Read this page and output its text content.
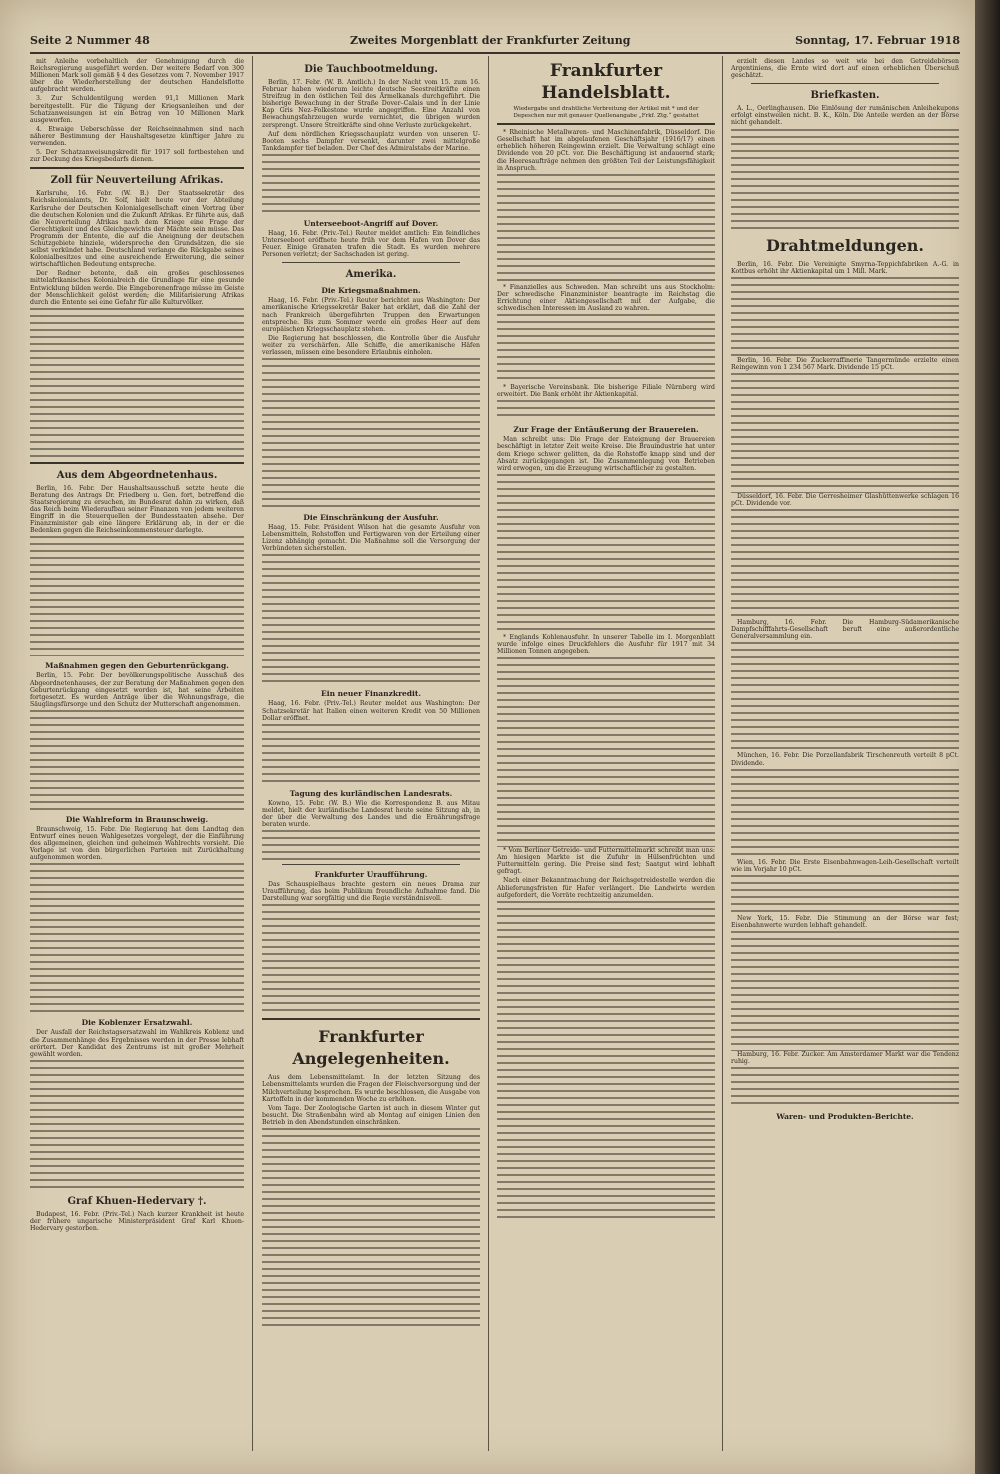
Seite 2 Nummer 48	Zweites Morgenblatt der Frankfurter Zeitung	Sonntag, 17. Februar 1918

mit Anleihe vorbehaltlich der Genehmigung durch die Reichsregierung ausgeführt werden. Der weitere Bedarf von 300 Millionen Mark soll gemäß § 4 des Gesetzes vom 7. November 1917 über die Wiederherstellung der deutschen Handelsflotte aufgebracht werden.

3. Zur Schuldentilgung werden 91,1 Millionen Mark bereitgestellt. Für die Tilgung der Kriegsanleihen und der Schatzanweisungen ist ein Betrag von 10 Millionen Mark ausgeworfen.

4. Etwaige Ueberschüsse der Reichseinnahmen sind nach näherer Bestimmung der Haushaltsgesetze künftiger Jahre zu verwenden.

5. Der Schatzanweisungskredit für 1917 soll fortbestehen und zur Deckung des Kriegsbedarfs dienen.

Zoll für Neuverteilung Afrikas.

Karlsruhe, 16. Febr. (W. B.) Der Staatssekretär des Reichskolonialamts, Dr. Solf, hielt heute vor der Abteilung Karlsruhe der Deutschen Kolonialgesellschaft einen Vortrag über die deutschen Kolonien und die Zukunft Afrikas. Er führte aus, daß die Neuverteilung Afrikas nach dem Kriege eine Frage der Gerechtigkeit und des Gleichgewichts der Mächte sein müsse. Das Programm der Entente, die auf die Aneignung der deutschen Schutzgebiete hinziele, widerspreche den Grundsätzen, die sie selbst verkündet habe. Deutschland verlange die Rückgabe seines Kolonialbesitzes und eine ausreichende Erweiterung, die seiner wirtschaftlichen Bedeutung entspreche.

Der Redner betonte, daß ein großes geschlossenes mittelafrikanisches Kolonialreich die Grundlage für eine gesunde Entwicklung bilden werde. Die Eingeborenenfrage müsse im Geiste der Menschlichkeit gelöst werden; die Militarisierung Afrikas durch die Entente sei eine Gefahr für alle Kulturvölker.

Aus dem Abgeordnetenhaus.

Berlin, 16. Febr. Der Haushaltsausschuß setzte heute die Beratung des Antrags Dr. Friedberg u. Gen. fort, betreffend die Staatsregierung zu ersuchen, im Bundesrat dahin zu wirken, daß das Reich beim Wiederaufbau seiner Finanzen von jedem weiteren Eingriff in die Steuerquellen der Bundesstaaten absehe. Der Finanzminister gab eine längere Erklärung ab, in der er die Bedenken gegen die Reichseinkommensteuer darlegte.

Maßnahmen gegen den Geburtenrückgang.

Berlin, 15. Febr. Der bevölkerungspolitische Ausschuß des Abgeordnetenhauses, der zur Beratung der Maßnahmen gegen den Geburtenrückgang eingesetzt worden ist, hat seine Arbeiten fortgesetzt. Es wurden Anträge über die Wohnungsfrage, die Säuglingsfürsorge und den Schutz der Mutterschaft angenommen.

Die Wahlreform in Braunschweig.

Braunschweig, 15. Febr. Die Regierung hat dem Landtag den Entwurf eines neuen Wahlgesetzes vorgelegt, der die Einführung des allgemeinen, gleichen und geheimen Wahlrechts vorsieht. Die Vorlage ist von den bürgerlichen Parteien mit Zurückhaltung aufgenommen worden.

Die Koblenzer Ersatzwahl.

Der Ausfall der Reichstagsersatzwahl im Wahlkreis Koblenz und die Zusammenhänge des Ergebnisses werden in der Presse lebhaft erörtert. Der Kandidat des Zentrums ist mit großer Mehrheit gewählt worden.

Graf Khuen-Hedervary †.

Budapest, 16. Febr. (Priv.-Tel.) Nach kurzer Krankheit ist heute der frühere ungarische Ministerpräsident Graf Karl Khuen-Hedervary gestorben.

Die Tauchbootmeldung.

Berlin, 17. Febr. (W. B. Amtlich.) In der Nacht vom 15. zum 16. Februar haben wiederum leichte deutsche Seestreitkräfte einen Streifzug in den östlichen Teil des Ärmelkanals durchgeführt. Die bisherige Bewachung in der Straße Dover–Calais und in der Linie Kap Gris Nez–Folkestone wurde angegriffen. Eine Anzahl von Bewachungsfahrzeugen wurde vernichtet, die übrigen wurden zersprengt. Unsere Streitkräfte sind ohne Verluste zurückgekehrt.

Auf dem nördlichen Kriegsschauplatz wurden von unseren U-Booten sechs Dampfer versenkt, darunter zwei mittelgroße Tankdampfer tief beladen. Der Chef des Admiralstabs der Marine.

Unterseeboot-Angriff auf Dover.

Haag, 16. Febr. (Priv.-Tel.) Reuter meldet amtlich: Ein feindliches Unterseeboot eröffnete heute früh vor dem Hafen von Dover das Feuer. Einige Granaten trafen die Stadt. Es wurden mehrere Personen verletzt; der Sachschaden ist gering.

Amerika.
Die Kriegsmaßnahmen.

Haag, 16. Febr. (Priv.-Tel.) Reuter berichtet aus Washington: Der amerikanische Kriegssekretär Baker hat erklärt, daß die Zahl der nach Frankreich übergeführten Truppen den Erwartungen entspreche. Bis zum Sommer werde ein großes Heer auf dem europäischen Kriegsschauplatz stehen.

Die Regierung hat beschlossen, die Kontrolle über die Ausfuhr weiter zu verschärfen. Alle Schiffe, die amerikanische Häfen verlassen, müssen eine besondere Erlaubnis einholen.

Die Einschränkung der Ausfuhr.

Haag, 15. Febr. Präsident Wilson hat die gesamte Ausfuhr von Lebensmitteln, Rohstoffen und Fertigwaren von der Erteilung einer Lizenz abhängig gemacht. Die Maßnahme soll die Versorgung der Verbündeten sicherstellen.

Ein neuer Finanzkredit.

Haag, 16. Febr. (Priv.-Tel.) Reuter meldet aus Washington: Der Schatzsekretär hat Italien einen weiteren Kredit von 50 Millionen Dollar eröffnet.

Tagung des kurländischen Landesrats.

Kowno, 15. Febr. (W. B.) Wie die Korrespondenz B. aus Mitau meldet, hielt der kurländische Landesrat heute seine Sitzung ab, in der über die Verwaltung des Landes und die Ernährungsfrage beraten wurde.

Frankfurter Uraufführung.

Das Schauspielhaus brachte gestern ein neues Drama zur Uraufführung, das beim Publikum freundliche Aufnahme fand. Die Darstellung war sorgfältig und die Regie verständnisvoll.

Frankfurter Angelegenheiten.

Aus dem Lebensmittelamt. In der letzten Sitzung des Lebensmittelamts wurden die Fragen der Fleischversorgung und der Milchverteilung besprochen. Es wurde beschlossen, die Ausgabe von Kartoffeln in der kommenden Woche zu erhöhen.

Vom Tage. Der Zoologische Garten ist auch in diesem Winter gut besucht. Die Straßenbahn wird ab Montag auf einigen Linien den Betrieb in den Abendstunden einschränken.

Frankfurter Handelsblatt.
Wiedergabe und drahtliche Verbreitung der Artikel mit * und der Depeschen nur mit genauer Quellenangabe „Frkf. Ztg.“ gestattet

* Rheinische Metallwaren- und Maschinenfabrik, Düsseldorf. Die Gesellschaft hat im abgelaufenen Geschäftsjahr (1916/17) einen erheblich höheren Reingewinn erzielt. Die Verwaltung schlägt eine Dividende von 20 pCt. vor. Die Beschäftigung ist andauernd stark; die Heeresaufträge nehmen den größten Teil der Leistungsfähigkeit in Anspruch.

* Finanzielles aus Schweden. Man schreibt uns aus Stockholm: Der schwedische Finanzminister beantragte im Reichstag die Errichtung einer Aktiengesellschaft mit der Aufgabe, die schwedischen Interessen im Ausland zu wahren.

* Bayerische Vereinsbank. Die bisherige Filiale Nürnberg wird erweitert. Die Bank erhöht ihr Aktienkapital.

Zur Frage der Entäußerung der Brauereien.

Man schreibt uns: Die Frage der Enteignung der Brauereien beschäftigt in letzter Zeit weite Kreise. Die Brauindustrie hat unter dem Kriege schwer gelitten, da die Rohstoffe knapp sind und der Absatz zurückgegangen ist. Die Zusammenlegung von Betrieben wird erwogen, um die Erzeugung wirtschaftlicher zu gestalten.

* Englands Kohlenausfuhr. In unserer Tabelle im I. Morgenblatt wurde infolge eines Druckfehlers die Ausfuhr für 1917 mit 34 Millionen Tonnen angegeben.

* Vom Berliner Getreide- und Futtermittelmarkt schreibt man uns: Am hiesigen Markte ist die Zufuhr in Hülsenfrüchten und Futtermitteln gering. Die Preise sind fest; Saatgut wird lebhaft gefragt.

Nach einer Bekanntmachung der Reichsgetreidestelle werden die Ablieferungsfristen für Hafer verlängert. Die Landwirte werden aufgefordert, die Vorräte rechtzeitig anzumelden.

erzielt diesen Landes so weit wie bei den Getreidebörsen Argentiniens, die Ernte wird dort auf einen erheblichen Überschuß geschätzt.

Briefkasten.

A. L., Oerlinghausen. Die Einlösung der rumänischen Anleihekupons erfolgt einstweilen nicht. B. K., Köln. Die Anteile werden an der Börse nicht gehandelt.

Drahtmeldungen.

Berlin, 16. Febr. Die Vereinigte Smyrna-Teppichfabriken A.-G. in Kottbus erhöht ihr Aktienkapital um 1 Mill. Mark.

Berlin, 16. Febr. Die Zuckerraffinerie Tangermünde erzielte einen Reingewinn von 1 234 567 Mark. Dividende 15 pCt.

Düsseldorf, 16. Febr. Die Gerresheimer Glashüttenwerke schlagen 16 pCt. Dividende vor.

Hamburg, 16. Febr. Die Hamburg-Südamerikanische Dampfschifffahrts-Gesellschaft beruft eine außerordentliche Generalversammlung ein.

München, 16. Febr. Die Porzellanfabrik Tirschenreuth verteilt 8 pCt. Dividende.

Wien, 16. Febr. Die Erste Eisenbahnwagen-Leih-Gesellschaft verteilt wie im Vorjahr 10 pCt.

New York, 15. Febr. Die Stimmung an der Börse war fest; Eisenbahnwerte wurden lebhaft gehandelt.

Hamburg, 16. Febr. Zucker. Am Amsterdamer Markt war die Tendenz ruhig.

Waren- und Produkten-Berichte.
